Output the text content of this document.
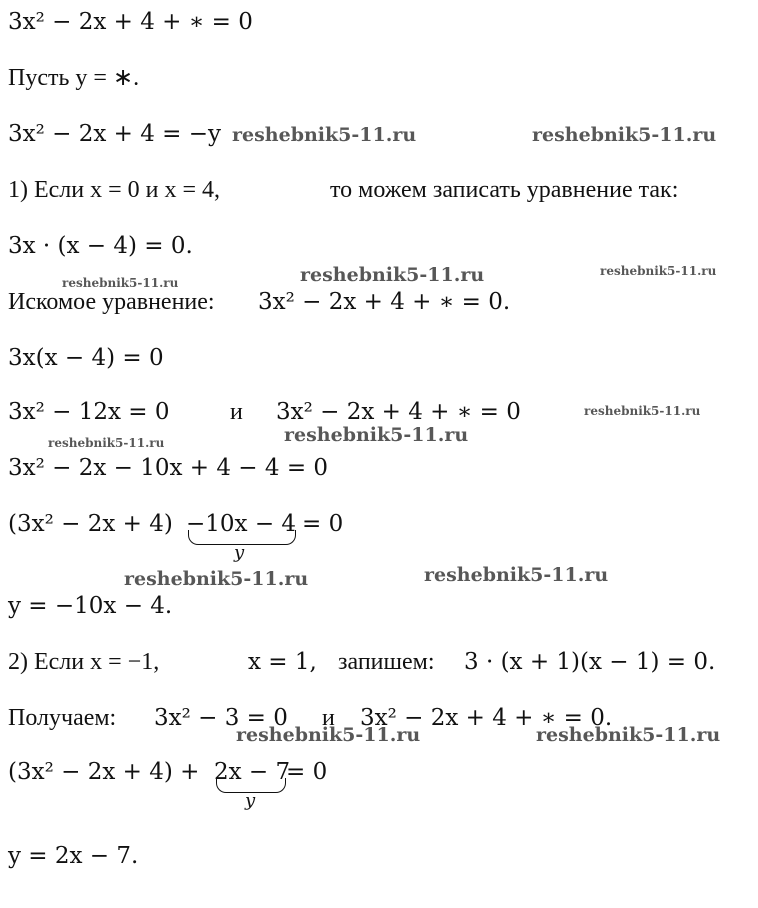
3x² − 2x + 4 + ∗ = 0
Пусть y = ∗.
3x² − 2x + 4 = −y
1) Если x = 0 и x = 4,	то можем записать уравнение так:
3x · (x − 4) = 0.
Искомое уравнение: 3x² − 2x + 4 + ∗ = 0.
3x(x − 4) = 0
3x² − 12x = 0	и 3x² − 2x + 4 + ∗ = 0
3x² − 2x − 10x + 4 − 4 = 0
(3x² − 2x + 4) −10x − 4 = 0
y
y = −10x − 4.
2) Если x = −1,	x = 1, запишем: 3 · (x + 1)(x − 1) = 0.
Получаем: 3x² − 3 = 0 и 3x² − 2x + 4 + ∗ = 0.
(3x² − 2x + 4) + 2x − 7
= 0
y
y = 2x − 7.
reshebnik5-11.ru	reshebnik5-11.ru
reshebnik5-11.ru	reshebnik5-11.ru	reshebnik5-11.ru
reshebnik5-11.ru
reshebnik5-11.ru	reshebnik5-11.ru
reshebnik5-11.ru	reshebnik5-11.ru
reshebnik5-11.ru	reshebnik5-11.ru
